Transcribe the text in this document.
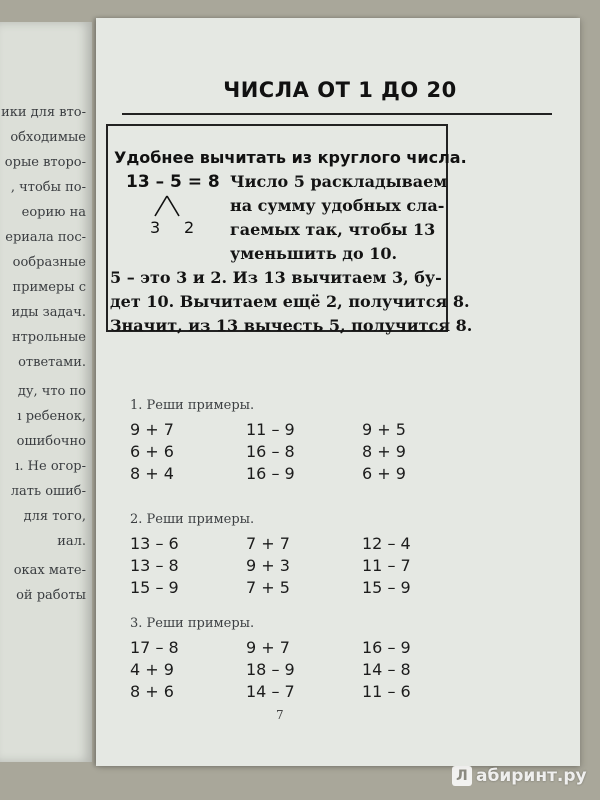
ики для вто-
обходимые
орые второ-
, чтобы по-
еорию на
ериала пос-
ообразные
примеры с
иды задач.
нтрольные
ответами.
ду, что по
ı ребенок,
ошибочно
ı. Не огор-
лать ошиб-
для того,
иал.
оках мате-
ой работы
ЧИСЛА ОТ 1 ДО 20
Удобнее вычитать из круглого числа.
13 – 5 = 8
3 2
Число 5 раскладываем
на сумму удобных сла-
гаемых так, чтобы 13
уменьшить до 10.
5 – это 3 и 2. Из 13 вычитаем 3, бу-
дет 10. Вычитаем ещё 2, получится 8.
Значит, из 13 вычесть 5, получится 8.
1. Реши примеры.
9 + 7
6 + 6
8 + 4
11 – 9
16 – 8
16 – 9
9 + 5
8 + 9
6 + 9
2. Реши примеры.
13 – 6
13 – 8
15 – 9
7 + 7
9 + 3
7 + 5
12 – 4
11 – 7
15 – 9
3. Реши примеры.
17 – 8
4 + 9
8 + 6
9 + 7
18 – 9
14 – 7
16 – 9
14 – 8
11 – 6
7
Л абиринт.ру
